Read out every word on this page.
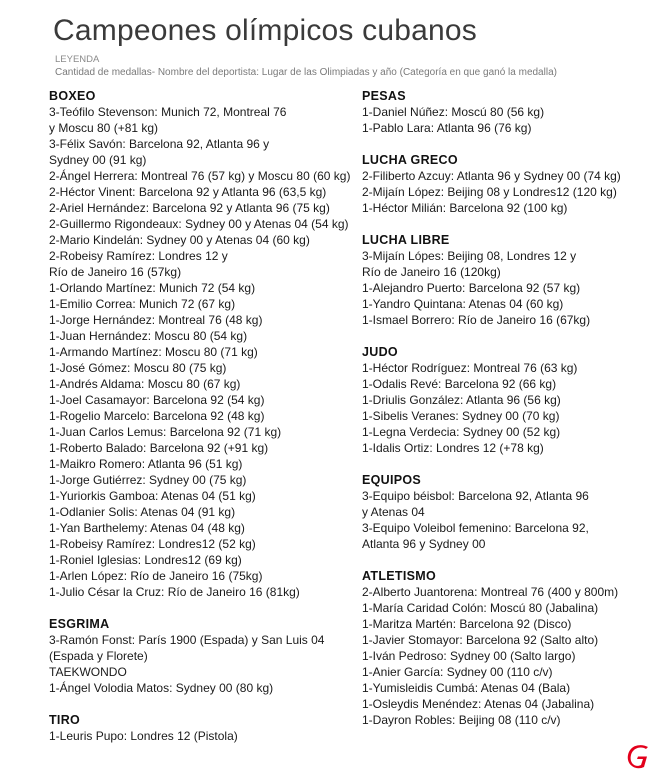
Campeones olímpicos cubanos
LEYENDA
Cantidad de medallas- Nombre del deportista: Lugar de las Olimpiadas y año (Categoría en que ganó la medalla)
BOXEO
3-Teófilo Stevenson: Munich 72, Montreal 76
y Moscu 80 (+81 kg)
3-Félix Savón: Barcelona 92, Atlanta 96 y
Sydney 00 (91 kg)
2-Ángel Herrera: Montreal 76 (57 kg) y Moscu 80 (60 kg)
2-Héctor Vinent: Barcelona 92 y Atlanta 96 (63,5 kg)
2-Ariel Hernández: Barcelona 92 y Atlanta 96 (75 kg)
2-Guillermo Rigondeaux: Sydney 00 y Atenas 04 (54 kg)
2-Mario Kindelán: Sydney 00 y Atenas 04 (60 kg)
2-Robeisy Ramírez: Londres 12 y
Río de Janeiro 16 (57kg)
1-Orlando Martínez: Munich 72 (54 kg)
1-Emilio Correa: Munich 72 (67 kg)
1-Jorge Hernández: Montreal 76 (48 kg)
1-Juan Hernández: Moscu 80 (54 kg)
1-Armando Martínez: Moscu 80 (71 kg)
1-José Gómez: Moscu 80 (75 kg)
1-Andrés Aldama: Moscu 80 (67 kg)
1-Joel Casamayor: Barcelona 92 (54 kg)
1-Rogelio Marcelo: Barcelona 92 (48 kg)
1-Juan Carlos Lemus: Barcelona 92 (71 kg)
1-Roberto Balado: Barcelona 92 (+91 kg)
1-Maikro Romero: Atlanta 96 (51 kg)
1-Jorge Gutiérrez: Sydney 00 (75 kg)
1-Yuriorkis Gamboa: Atenas 04 (51 kg)
1-Odlanier Solis: Atenas 04 (91 kg)
1-Yan Barthelemy: Atenas 04 (48 kg)
1-Robeisy Ramírez: Londres12 (52 kg)
1-Roniel Iglesias: Londres12 (69 kg)
1-Arlen López: Río de Janeiro 16 (75kg)
1-Julio César la Cruz: Río de Janeiro 16 (81kg)
ESGRIMA
3-Ramón Fonst: París 1900 (Espada) y San Luis 04
(Espada y Florete)
TAEKWONDO
1-Ángel Volodia Matos: Sydney 00 (80 kg)
TIRO
1-Leuris Pupo: Londres 12 (Pistola)
PESAS
1-Daniel Núñez: Moscú 80 (56 kg)
1-Pablo Lara: Atlanta 96 (76 kg)
LUCHA GRECO
2-Filiberto Azcuy: Atlanta 96 y Sydney 00 (74 kg)
2-Mijaín López: Beijing 08 y Londres12 (120 kg)
1-Héctor Milián: Barcelona 92 (100 kg)
LUCHA LIBRE
3-Mijaín Lópes: Beijing 08, Londres 12 y
Río de Janeiro 16 (120kg)
1-Alejandro Puerto: Barcelona 92 (57 kg)
1-Yandro Quintana: Atenas 04 (60 kg)
1-Ismael Borrero: Río de Janeiro 16 (67kg)
JUDO
1-Héctor Rodríguez: Montreal 76 (63 kg)
1-Odalis Revé: Barcelona 92 (66 kg)
1-Driulis González: Atlanta 96 (56 kg)
1-Sibelis Veranes: Sydney 00 (70 kg)
1-Legna Verdecia: Sydney 00 (52 kg)
1-Idalis Ortiz: Londres 12 (+78 kg)
EQUIPOS
3-Equipo béisbol: Barcelona 92, Atlanta 96
y Atenas 04
3-Equipo Voleibol femenino: Barcelona 92,
Atlanta 96 y Sydney 00
ATLETISMO
2-Alberto Juantorena: Montreal 76 (400 y 800m)
1-María Caridad Colón: Moscú 80 (Jabalina)
1-Maritza Martén: Barcelona 92 (Disco)
1-Javier Stomayor: Barcelona 92 (Salto alto)
1-Iván Pedroso: Sydney 00 (Salto largo)
1-Anier García: Sydney 00 (110 c/v)
1-Yumisleidis Cumbá: Atenas 04 (Bala)
1-Osleydis Menéndez: Atenas 04 (Jabalina)
1-Dayron Robles: Beijing 08 (110 c/v)
